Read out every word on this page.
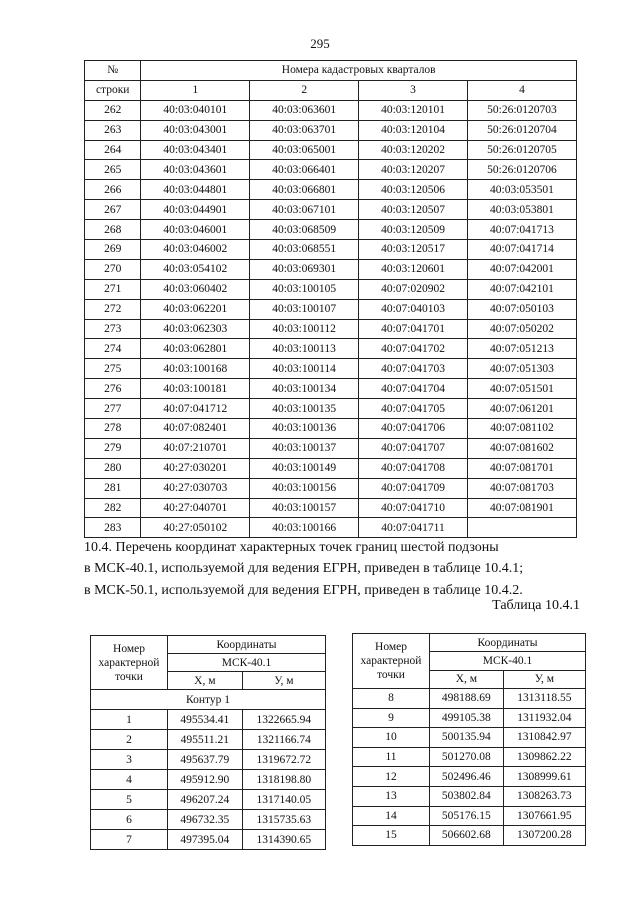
295
№	Номера кадастровых кварталов			
строки	1	2	3	4
262	40:03:040101	40:03:063601	40:03:120101	50:26:0120703
263	40:03:043001	40:03:063701	40:03:120104	50:26:0120704
264	40:03:043401	40:03:065001	40:03:120202	50:26:0120705
265	40:03:043601	40:03:066401	40:03:120207	50:26:0120706
266	40:03:044801	40:03:066801	40:03:120506	40:03:053501
267	40:03:044901	40:03:067101	40:03:120507	40:03:053801
268	40:03:046001	40:03:068509	40:03:120509	40:07:041713
269	40:03:046002	40:03:068551	40:03:120517	40:07:041714
270	40:03:054102	40:03:069301	40:03:120601	40:07:042001
271	40:03:060402	40:03:100105	40:07:020902	40:07:042101
272	40:03:062201	40:03:100107	40:07:040103	40:07:050103
273	40:03:062303	40:03:100112	40:07:041701	40:07:050202
274	40:03:062801	40:03:100113	40:07:041702	40:07:051213
275	40:03:100168	40:03:100114	40:07:041703	40:07:051303
276	40:03:100181	40:03:100134	40:07:041704	40:07:051501
277	40:07:041712	40:03:100135	40:07:041705	40:07:061201
278	40:07:082401	40:03:100136	40:07:041706	40:07:081102
279	40:07:210701	40:03:100137	40:07:041707	40:07:081602
280	40:27:030201	40:03:100149	40:07:041708	40:07:081701
281	40:27:030703	40:03:100156	40:07:041709	40:07:081703
282	40:27:040701	40:03:100157	40:07:041710	40:07:081901
283	40:27:050102	40:03:100166	40:07:041711	
10.4. Перечень координат характерных точек границ шестой подзоны
в МСК-40.1, используемой для ведения ЕГРН, приведен в таблице 10.4.1;
в МСК-50.1, используемой для ведения ЕГРН, приведен в таблице 10.4.2.
Таблица 10.4.1
Номер
характерной
точки	Координаты	
	МСК-40.1	
	X, м	У, м
Контур 1		
1	495534.41	1322665.94
2	495511.21	1321166.74
3	495637.79	1319672.72
4	495912.90	1318198.80
5	496207.24	1317140.05
6	496732.35	1315735.63
7	497395.04	1314390.65
Номер
характерной
точки	Координаты	
	МСК-40.1	
	X, м	У, м
8	498188.69	1313118.55
9	499105.38	1311932.04
10	500135.94	1310842.97
11	501270.08	1309862.22
12	502496.46	1308999.61
13	503802.84	1308263.73
14	505176.15	1307661.95
15	506602.68	1307200.28
